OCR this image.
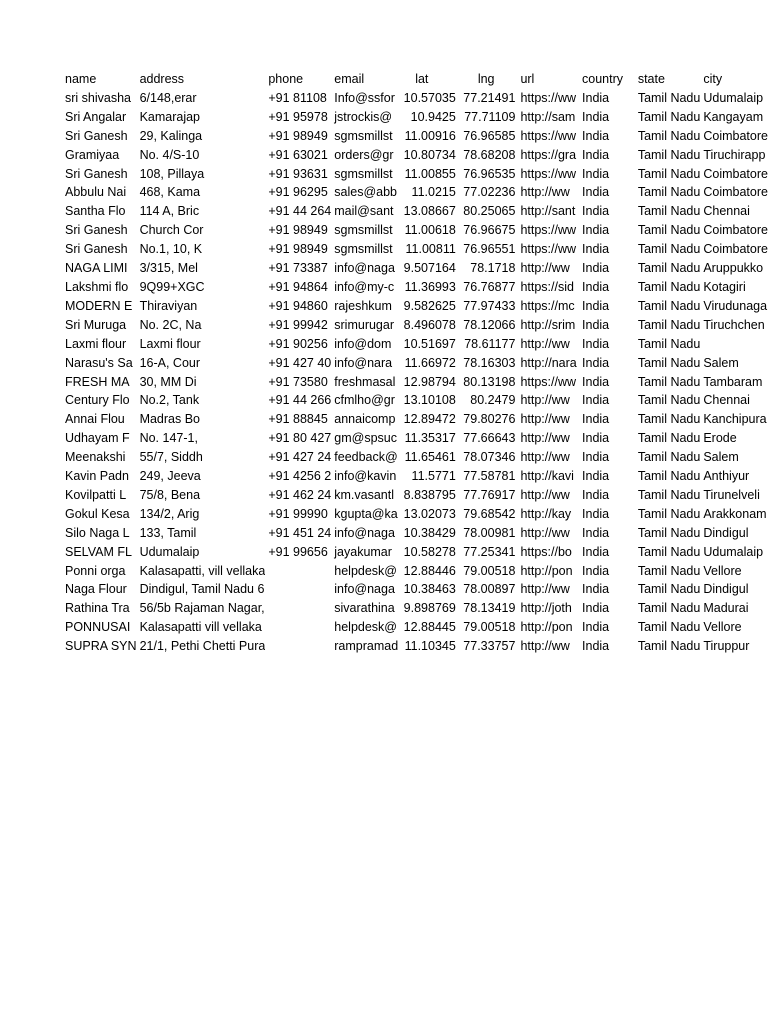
name	address	phone	email	lat	lng	url	country	state	city
sri shivasha	6/148,erar	+91 81108	Info@ssfor	10.57035	77.21491	https://ww	India	Tamil Nadu	Udumalaip
Sri Angalar	Kamarajap	+91 95978	jstrockis@	10.9425	77.71109	http://sam	India	Tamil Nadu	Kangayam
Sri Ganesh	29, Kalinga	+91 98949	sgmsmillst	11.00916	76.96585	https://ww	India	Tamil Nadu	Coimbatore
Gramiyaa	No. 4/S-10	+91 63021	orders@gr	10.80734	78.68208	https://gra	India	Tamil Nadu	Tiruchirapp
Sri Ganesh	108, Pillaya	+91 93631	sgmsmillst	11.00855	76.96535	https://ww	India	Tamil Nadu	Coimbatore
Abbulu Nai	468, Kama	+91 96295	sales@abb	11.0215	77.02236	http://ww	India	Tamil Nadu	Coimbatore
Santha Flo	114 A, Bric	+91 44 264	mail@sant	13.08667	80.25065	http://sant	India	Tamil Nadu	Chennai
Sri Ganesh	Church Cor	+91 98949	sgmsmillst	11.00618	76.96675	https://ww	India	Tamil Nadu	Coimbatore
Sri Ganesh	No.1, 10, K	+91 98949	sgmsmillst	11.00811	76.96551	https://ww	India	Tamil Nadu	Coimbatore
NAGA LIMI	3/315, Mel	+91 73387	info@naga	9.507164	78.1718	http://ww	India	Tamil Nadu	Aruppukko
Lakshmi flo	9Q99+XGC	+91 94864	info@my-c	11.36993	76.76877	https://sid	India	Tamil Nadu	Kotagiri
MODERN E	Thiraviyan	+91 94860	rajeshkum	9.582625	77.97433	https://mc	India	Tamil Nadu	Virudunaga
Sri Muruga	No. 2C, Na	+91 99942	srimurugar	8.496078	78.12066	http://srim	India	Tamil Nadu	Tiruchchen
Laxmi flour	Laxmi flour	+91 90256	info@dom	10.51697	78.61177	http://ww	India	Tamil Nadu	
Narasu's Sa	16-A, Cour	+91 427 40	info@nara	11.66972	78.16303	http://nara	India	Tamil Nadu	Salem
FRESH MA	30, MM Di	+91 73580	freshmasal	12.98794	80.13198	https://ww	India	Tamil Nadu	Tambaram
Century Flo	No.2, Tank	+91 44 266	cfmlho@gr	13.10108	80.2479	http://ww	India	Tamil Nadu	Chennai
Annai Flou	Madras Bo	+91 88845	annaicomp	12.89472	79.80276	http://ww	India	Tamil Nadu	Kanchipura
Udhayam F	No. 147-1,	+91 80 427	gm@spsuc	11.35317	77.66643	http://ww	India	Tamil Nadu	Erode
Meenakshi	55/7, Siddh	+91 427 24	feedback@	11.65461	78.07346	http://ww	India	Tamil Nadu	Salem
Kavin Padn	249, Jeeva	+91 4256 2	info@kavin	11.5771	77.58781	http://kavi	India	Tamil Nadu	Anthiyur
Kovilpatti L	75/8, Bena	+91 462 24	km.vasantl	8.838795	77.76917	http://ww	India	Tamil Nadu	Tirunelveli
Gokul Kesa	134/2, Arig	+91 99990	kgupta@ka	13.02073	79.68542	http://kay	India	Tamil Nadu	Arakkonam
Silo Naga L	133, Tamil	+91 451 24	info@naga	10.38429	78.00981	http://ww	India	Tamil Nadu	Dindigul
SELVAM FL	Udumalaip	+91 99656	jayakumar	10.58278	77.25341	https://bo	India	Tamil Nadu	Udumalaip
Ponni orga	Kalasapatti, vill vellaka		helpdesk@	12.88446	79.00518	http://pon	India	Tamil Nadu	Vellore
Naga Flour	Dindigul, Tamil Nadu 6		info@naga	10.38463	78.00897	http://ww	India	Tamil Nadu	Dindigul
Rathina Tra	56/5b Rajaman Nagar,		sivarathina	9.898769	78.13419	http://joth	India	Tamil Nadu	Madurai
PONNUSAI	Kalasapatti vill vellaka		helpdesk@	12.88445	79.00518	http://pon	India	Tamil Nadu	Vellore
SUPRA SYN	21/1, Pethi Chetti Pura		rampramad	11.10345	77.33757	http://ww	India	Tamil Nadu	Tiruppur
